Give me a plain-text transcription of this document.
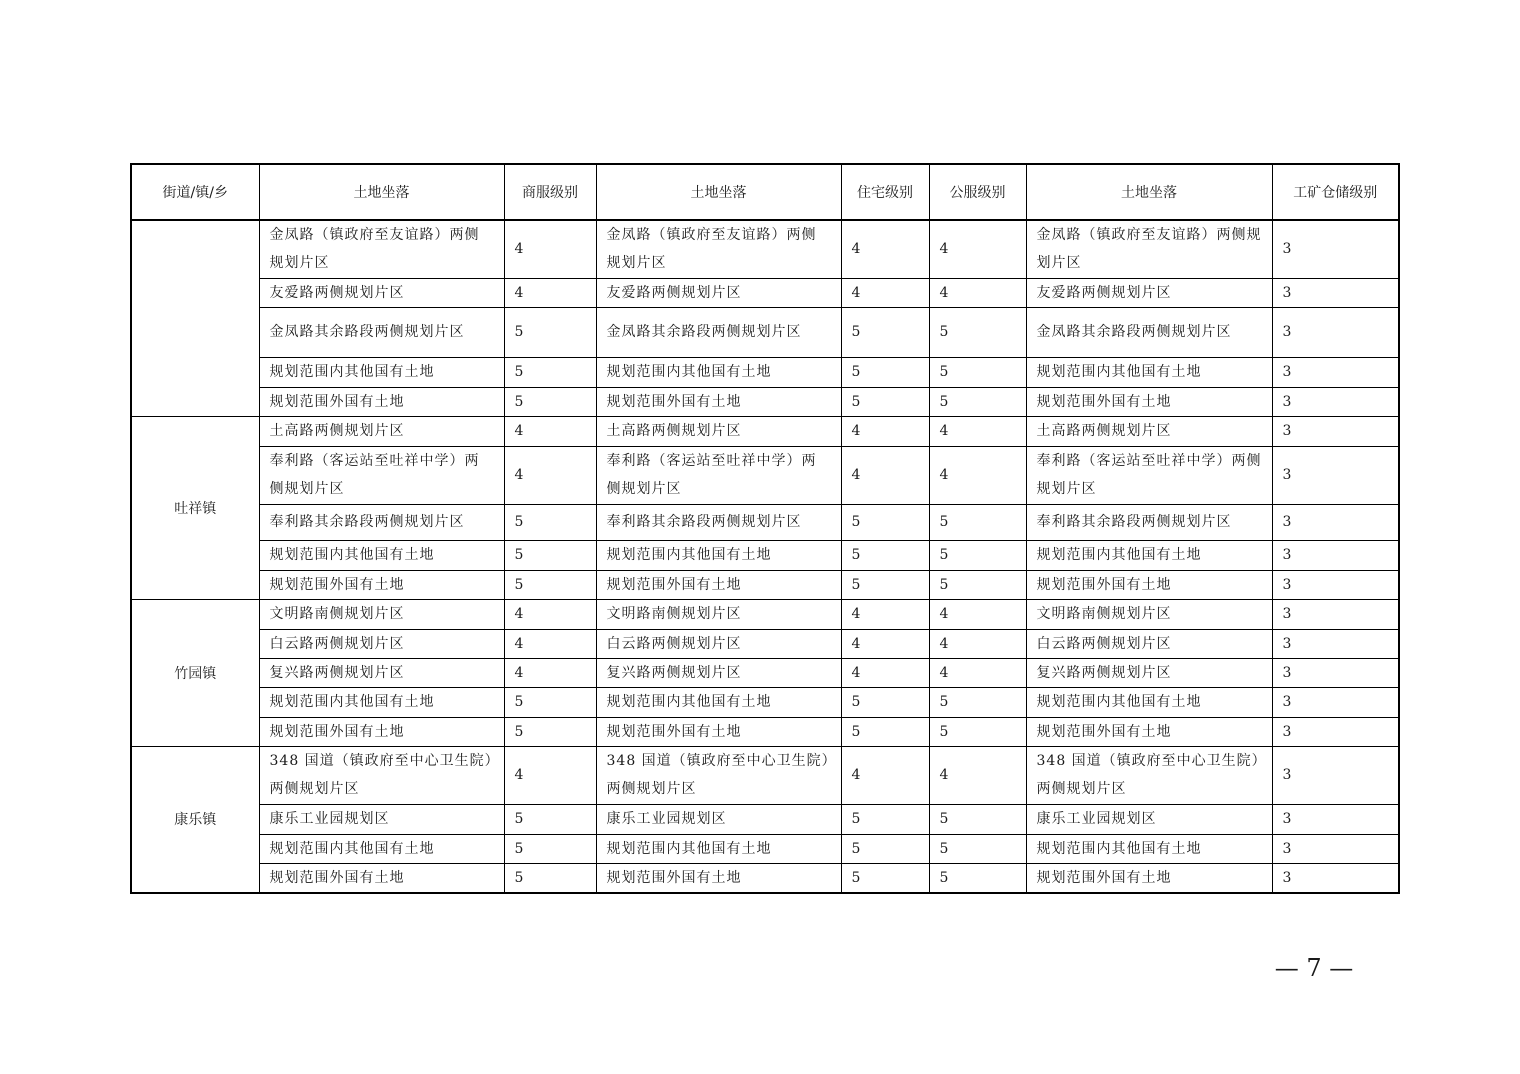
街道/镇/乡	土地坐落	商服级别	土地坐落	住宅级别	公服级别	土地坐落	工矿仓储级别
	金凤路（镇政府至友谊路）两侧规划片区	4	金凤路（镇政府至友谊路）两侧规划片区	4	4	金凤路（镇政府至友谊路）两侧规划片区	3
	友爱路两侧规划片区	4	友爱路两侧规划片区	4	4	友爱路两侧规划片区	3
	金凤路其余路段两侧规划片区	5	金凤路其余路段两侧规划片区	5	5	金凤路其余路段两侧规划片区	3
	规划范围内其他国有土地	5	规划范围内其他国有土地	5	5	规划范围内其他国有土地	3
	规划范围外国有土地	5	规划范围外国有土地	5	5	规划范围外国有土地	3
吐祥镇	土高路两侧规划片区	4	土高路两侧规划片区	4	4	土高路两侧规划片区	3
	奉利路（客运站至吐祥中学）两侧规划片区	4	奉利路（客运站至吐祥中学）两侧规划片区	4	4	奉利路（客运站至吐祥中学）两侧规划片区	3
	奉利路其余路段两侧规划片区	5	奉利路其余路段两侧规划片区	5	5	奉利路其余路段两侧规划片区	3
	规划范围内其他国有土地	5	规划范围内其他国有土地	5	5	规划范围内其他国有土地	3
	规划范围外国有土地	5	规划范围外国有土地	5	5	规划范围外国有土地	3
竹园镇	文明路南侧规划片区	4	文明路南侧规划片区	4	4	文明路南侧规划片区	3
	白云路两侧规划片区	4	白云路两侧规划片区	4	4	白云路两侧规划片区	3
	复兴路两侧规划片区	4	复兴路两侧规划片区	4	4	复兴路两侧规划片区	3
	规划范围内其他国有土地	5	规划范围内其他国有土地	5	5	规划范围内其他国有土地	3
	规划范围外国有土地	5	规划范围外国有土地	5	5	规划范围外国有土地	3
康乐镇	348 国道（镇政府至中心卫生院）两侧规划片区	4	348 国道（镇政府至中心卫生院）两侧规划片区	4	4	348 国道（镇政府至中心卫生院）两侧规划片区	3
	康乐工业园规划区	5	康乐工业园规划区	5	5	康乐工业园规划区	3
	规划范围内其他国有土地	5	规划范围内其他国有土地	5	5	规划范围内其他国有土地	3
	规划范围外国有土地	5	规划范围外国有土地	5	5	规划范围外国有土地	3
— 7 —
